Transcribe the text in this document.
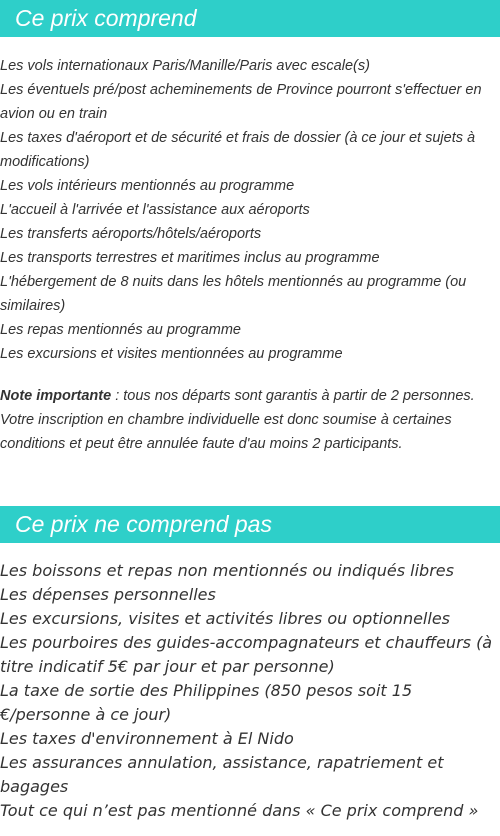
Ce prix comprend
Les vols internationaux Paris/Manille/Paris avec escale(s)
Les éventuels pré/post acheminements de Province pourront s'effectuer en avion ou en train
Les taxes d'aéroport et de sécurité et frais de dossier (à ce jour et sujets à modifications)
Les vols intérieurs mentionnés au programme
L'accueil à l'arrivée et l'assistance aux aéroports
Les transferts aéroports/hôtels/aéroports
Les transports terrestres et maritimes inclus au programme
L'hébergement de 8 nuits dans les hôtels mentionnés au programme (ou similaires)
Les repas mentionnés au programme
Les excursions et visites mentionnées au programme

Note importante : tous nos départs sont garantis à partir de 2 personnes. Votre inscription en chambre individuelle est donc soumise à certaines conditions et peut être annulée faute d'au moins 2 participants.

Ce prix ne comprend pas
Les boissons et repas non mentionnés ou indiqués libres
Les dépenses personnelles
Les excursions, visites et activités libres ou optionnelles
Les pourboires des guides-accompagnateurs et chauffeurs (à titre indicatif 5€ par jour et par personne)
La taxe de sortie des Philippines (850 pesos soit 15 €/personne à ce jour)
Les taxes d'environnement à El Nido
Les assurances annulation, assistance, rapatriement et bagages
Tout ce qui n’est pas mentionné dans « Ce prix comprend »
